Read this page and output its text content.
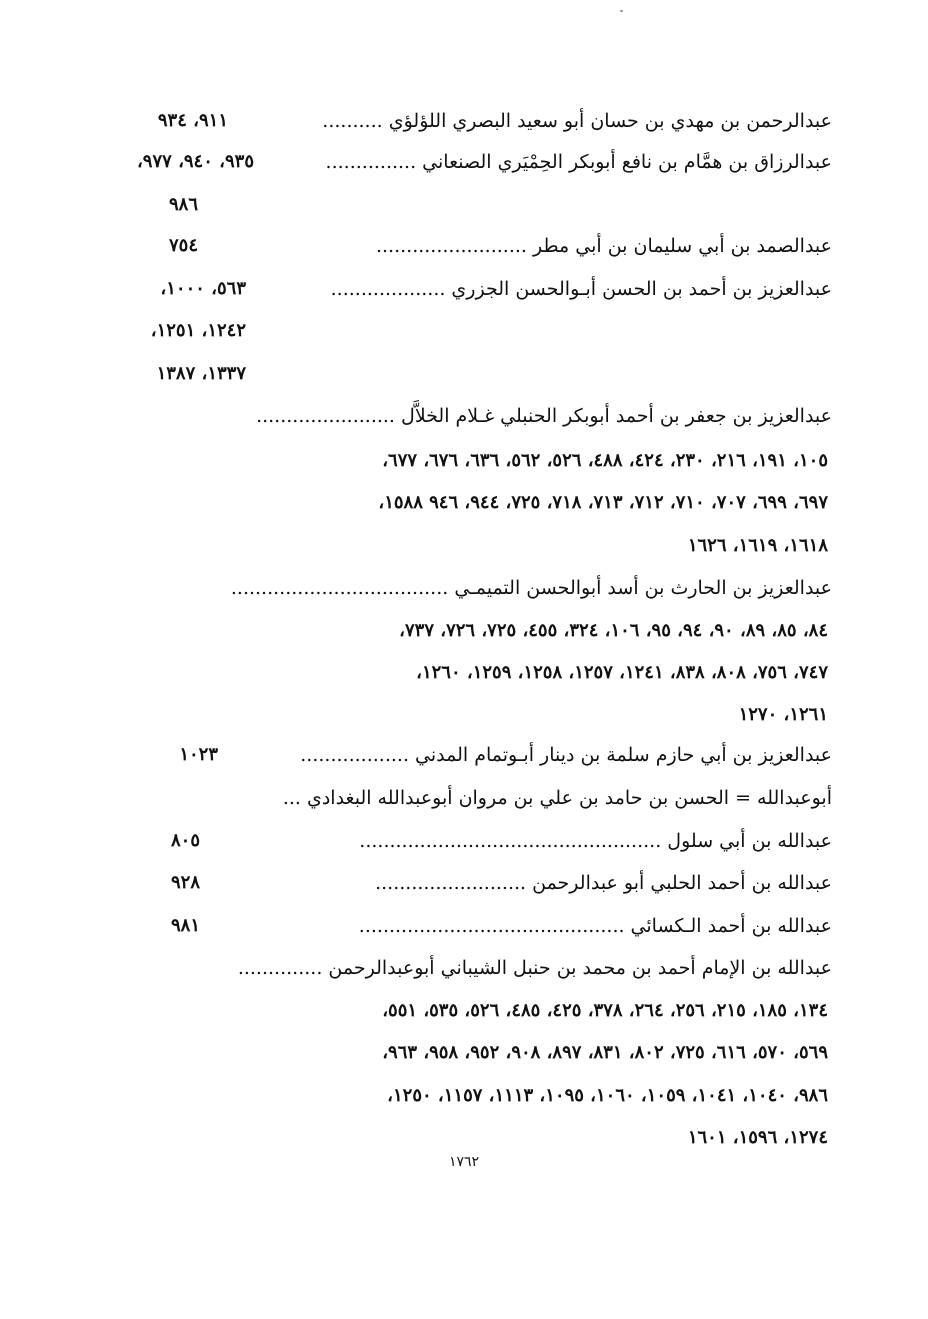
عبدالرحمن بن مهدي بن حسان أبو سعيد البصري اللؤلؤي ..........
٩١١، ٩٣٤
عبدالرزاق بن همَّام بن نافع أبوبكر الحِمْيَري الصنعاني ...............
٩٣٥، ٩٤٠، ٩٧٧،
٩٨٦
عبدالصمد بن أبي سليمان بن أبي مطر .........................
٧٥٤
عبدالعزيز بن أحمد بن الحسن أبـوالحسن الجزري ...................
٥٦٣، ١٠٠٠،
١٢٤٢، ١٢٥١،
١٣٣٧، ١٣٨٧
عبدالعزيز بن جعفر بن أحمد أبوبكر الحنبلي غـلام الخلاَّل .......................
١٠٥، ١٩١، ٢١٦، ٢٣٠، ٤٢٤، ٤٨٨، ٥٢٦، ٥٦٢، ٦٣٦، ٦٧٦، ٦٧٧،
٦٩٧، ٦٩٩، ٧٠٧، ٧١٠، ٧١٢، ٧١٣، ٧١٨، ٧٢٥، ٩٤٤، ٩٤٦ ١٥٨٨،
١٦١٨، ١٦١٩، ١٦٢٦
عبدالعزيز بن الحارث بن أسد أبوالحسن التميمـي ....................................
٨٤، ٨٥، ٨٩، ٩٠، ٩٤، ٩٥، ١٠٦، ٣٢٤، ٤٥٥، ٧٢٥، ٧٢٦، ٧٣٧،
٧٤٧، ٧٥٦، ٨٠٨، ٨٣٨، ١٢٤١، ١٢٥٧، ١٢٥٨، ١٢٥٩، ١٢٦٠،
١٢٦١، ١٢٧٠
عبدالعزيز بن أبي حازم سلمة بن دينار أبـوتمام المدني ..................
١٠٢٣
أبوعبدالله = الحسن بن حامد بن علي بن مروان أبوعبدالله البغدادي ...
عبدالله بن أبي سلول ..................................................
٨٠٥
عبدالله بن أحمد الحلبي أبو عبدالرحمن .........................
٩٢٨
عبدالله بن أحمد الـكسائي ............................................
٩٨١
عبدالله بن الإمام أحمد بن محمد بن حنبل الشيباني أبوعبدالرحمن ..............
١٣٤، ١٨٥، ٢١٥، ٢٥٦، ٢٦٤، ٣٧٨، ٤٢٥، ٤٨٥، ٥٢٦، ٥٣٥، ٥٥١،
٥٦٩، ٥٧٠، ٦١٦، ٧٢٥، ٨٠٢، ٨٣١، ٨٩٧، ٩٠٨، ٩٥٢، ٩٥٨، ٩٦٣،
٩٨٦، ١٠٤٠، ١٠٤١، ١٠٥٩، ١٠٦٠، ١٠٩٥، ١١١٣، ١١٥٧، ١٢٥٠،
١٢٧٤، ١٥٩٦، ١٦٠١
١٧٦٢
